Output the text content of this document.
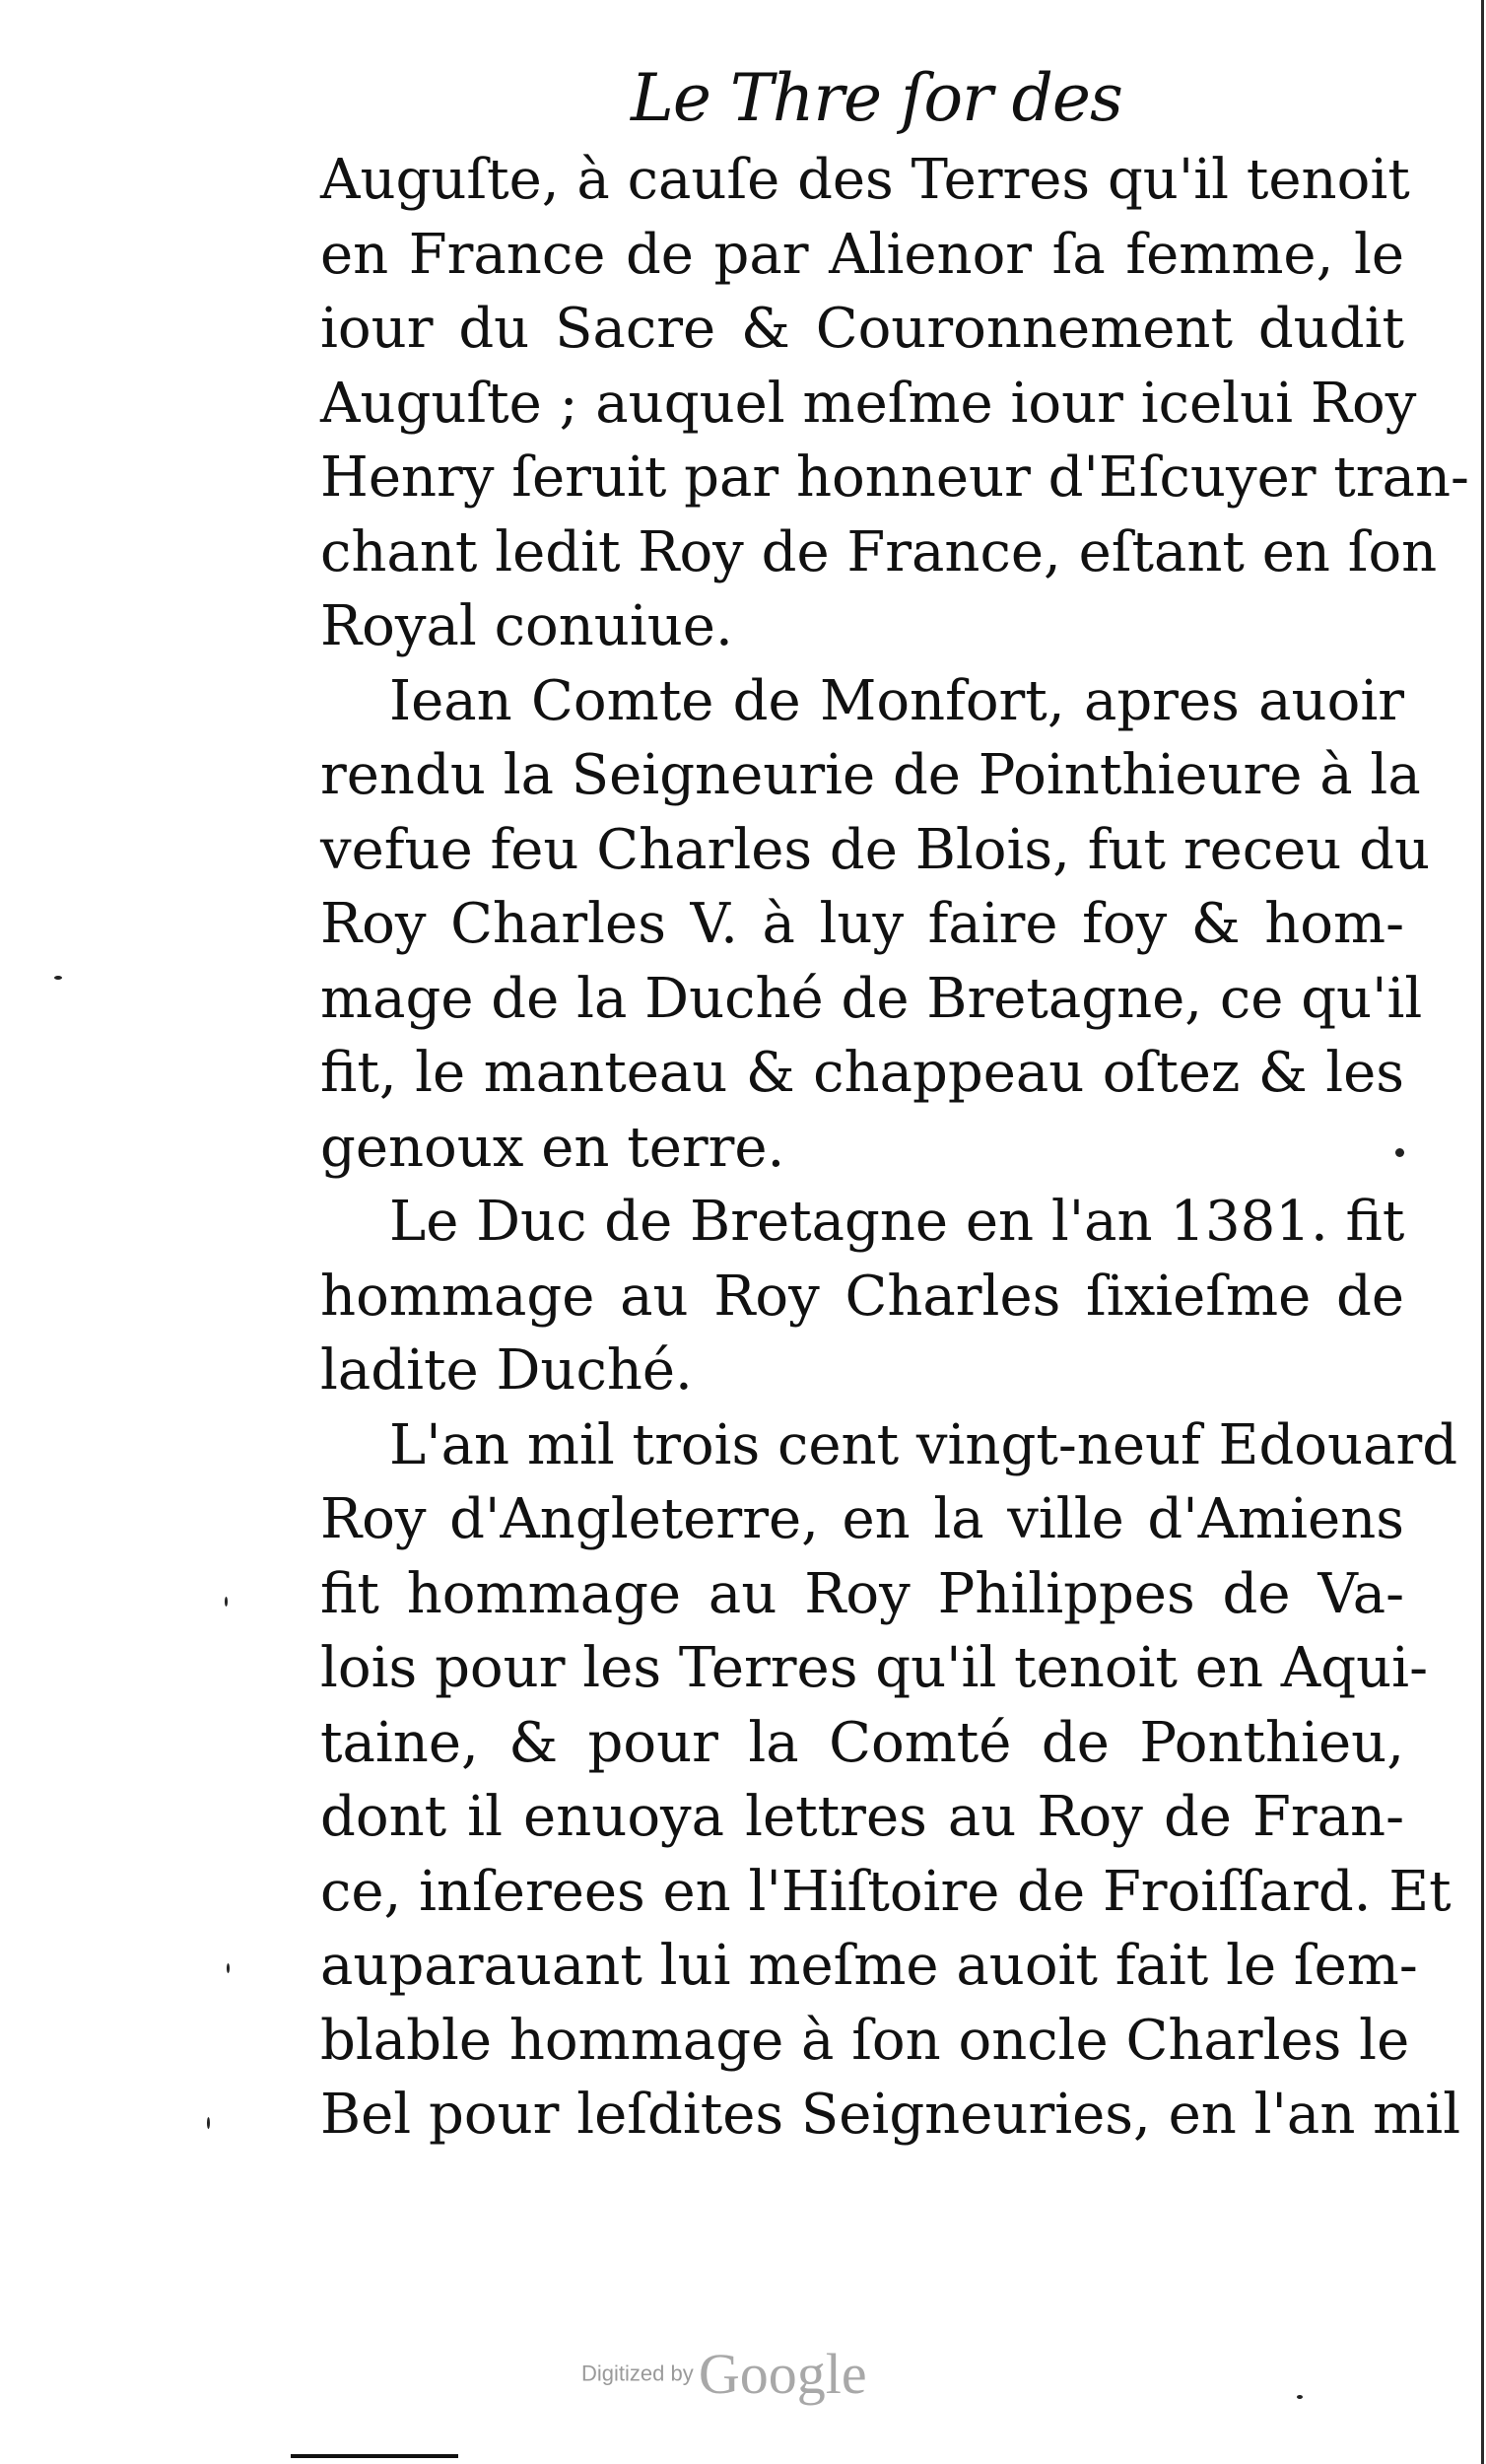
Le Thre ſor des
Auguſte, à cauſe des Terres qu'il tenoit
en France de par Alienor ſa femme, le
iour du Sacre & Couronnement dudit
Auguſte ; auquel meſme iour icelui Roy
Henry ſeruit par honneur d'Eſcuyer tran-
chant ledit Roy de France, eſtant en ſon
Royal conuiue.
Iean Comte de Monfort, apres auoir
rendu la Seigneurie de Pointhieure à la
vefue feu Charles de Blois, fut receu du
Roy Charles V. à luy faire foy & hom-
mage de la Duché de Bretagne, ce qu'il
fit, le manteau & chappeau oſtez & les
genoux en terre.
Le Duc de Bretagne en l'an 1381. fit
hommage au Roy Charles ſixieſme de
ladite Duché.
L'an mil trois cent vingt-neuf Edouard
Roy d'Angleterre, en la ville d'Amiens
fit hommage au Roy Philippes de Va-
lois pour les Terres qu'il tenoit en Aqui-
taine, & pour la Comté de Ponthieu,
dont il enuoya lettres au Roy de Fran-
ce, inſerees en l'Hiſtoire de Froiſſard. Et
auparauant lui meſme auoit fait le ſem-
blable hommage à ſon oncle Charles le
Bel pour leſdites Seigneuries, en l'an mil
Digitized by Google
